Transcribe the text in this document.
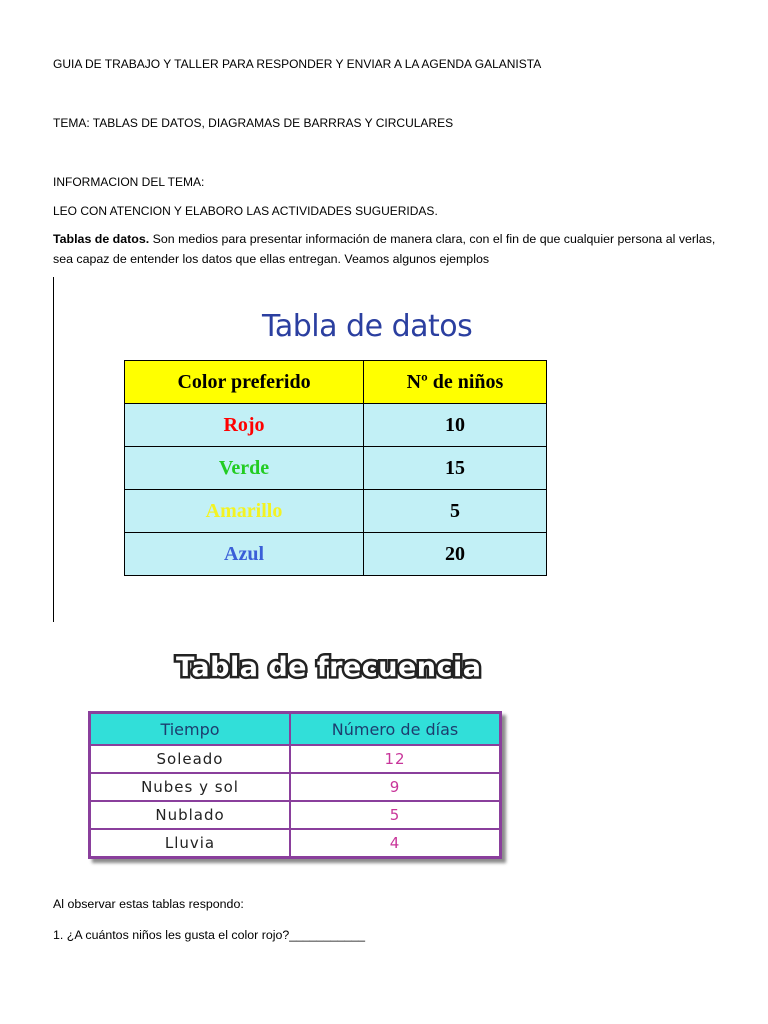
GUIA DE TRABAJO Y TALLER PARA RESPONDER Y ENVIAR A LA AGENDA GALANISTA
TEMA: TABLAS DE DATOS, DIAGRAMAS DE BARRRAS Y CIRCULARES
INFORMACION DEL TEMA:
LEO CON ATENCION Y ELABORO LAS ACTIVIDADES SUGUERIDAS.
Tablas de datos. Son medios para presentar información de manera clara, con el fin de que cualquier persona al verlas, sea capaz de entender los datos que ellas entregan. Veamos algunos ejemplos
Tabla de datos
Color preferido	Nº de niños
Rojo	10
Verde	15
Amarillo	5
Azul	20
Tabla de frecuencia
Tiempo	Número de días
Soleado	12
Nubes y sol	9
Nublado	5
Lluvia	4
Al observar estas tablas respondo:
1. ¿A cuántos niños les gusta el color rojo?___________
